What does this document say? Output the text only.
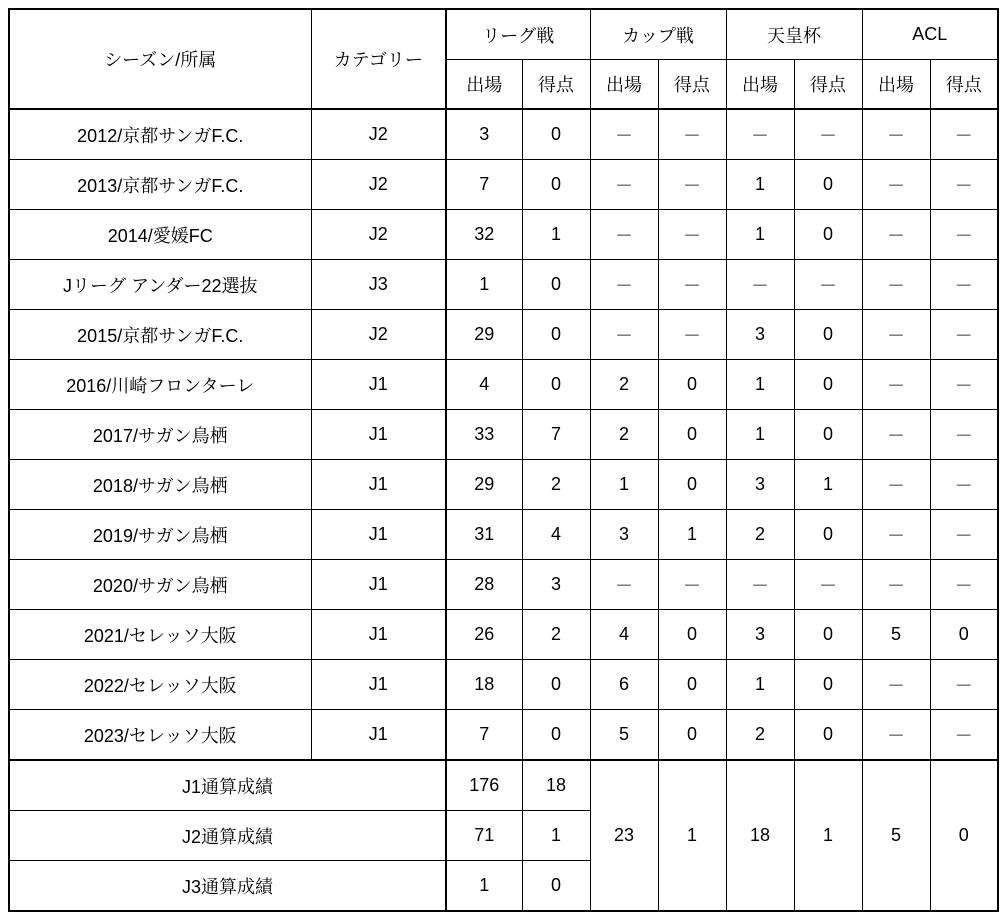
シーズン/所属	カテゴリー	リーグ戦		カップ戦		天皇杯		ACL	
		出場	得点	出場	得点	出場	得点	出場	得点
2012/京都サンガF.C.	J2	3	0	－	－	－	－	－	－
2013/京都サンガF.C.	J2	7	0	－	－	1	0	－	－
2014/愛媛FC	J2	32	1	－	－	1	0	－	－
Jリーグ アンダー22選抜	J3	1	0	－	－	－	－	－	－
2015/京都サンガF.C.	J2	29	0	－	－	3	0	－	－
2016/川崎フロンターレ	J1	4	0	2	0	1	0	－	－
2017/サガン鳥栖	J1	33	7	2	0	1	0	－	－
2018/サガン鳥栖	J1	29	2	1	0	3	1	－	－
2019/サガン鳥栖	J1	31	4	3	1	2	0	－	－
2020/サガン鳥栖	J1	28	3	－	－	－	－	－	－
2021/セレッソ大阪	J1	26	2	4	0	3	0	5	0
2022/セレッソ大阪	J1	18	0	6	0	1	0	－	－
2023/セレッソ大阪	J1	7	0	5	0	2	0	－	－
J1通算成績		176	18	23	1	18	1	5	0
J2通算成績		71	1						
J3通算成績		1	0						
